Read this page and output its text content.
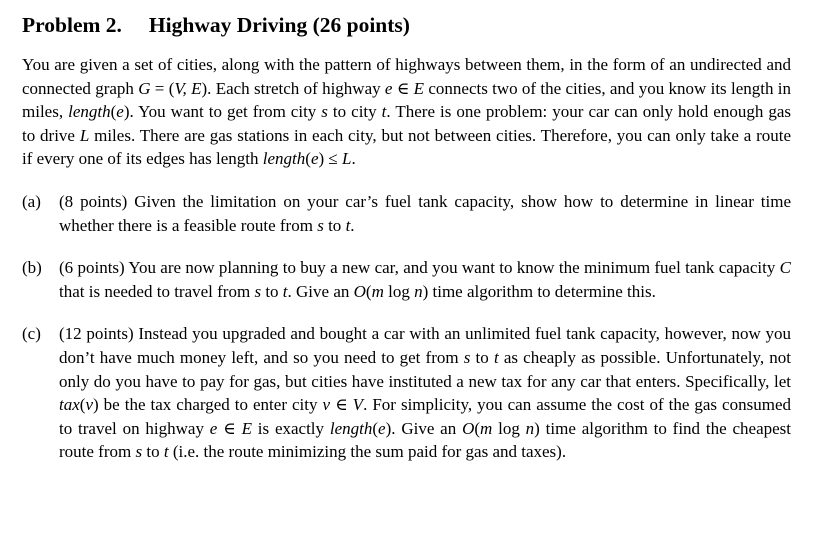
Problem 2. Highway Driving (26 points)

You are given a set of cities, along with the pattern of highways between them, in the form of an undirected and connected graph G = (V, E). Each stretch of highway e ∈ E connects two of the cities, and you know its length in miles, length(e). You want to get from city s to city t. There is one problem: your car can only hold enough gas to drive L miles. There are gas stations in each city, but not between cities. Therefore, you can only take a route if every one of its edges has length length(e) ≤ L.

(a)	(8 points) Given the limitation on your car’s fuel tank capacity, show how to determine in linear time whether there is a feasible route from s to t.
(b)	(6 points) You are now planning to buy a new car, and you want to know the minimum fuel tank capacity C that is needed to travel from s to t. Give an O(m log n) time algorithm to determine this.
(c)	(12 points) Instead you upgraded and bought a car with an unlimited fuel tank capacity, however, now you don’t have much money left, and so you need to get from s to t as cheaply as possible. Unfortunately, not only do you have to pay for gas, but cities have instituted a new tax for any car that enters. Specifically, let tax(v) be the tax charged to enter city v ∈ V. For simplicity, you can assume the cost of the gas consumed to travel on highway e ∈ E is exactly length(e). Give an O(m log n) time algorithm to find the cheapest route from s to t (i.e. the route minimizing the sum paid for gas and taxes).
